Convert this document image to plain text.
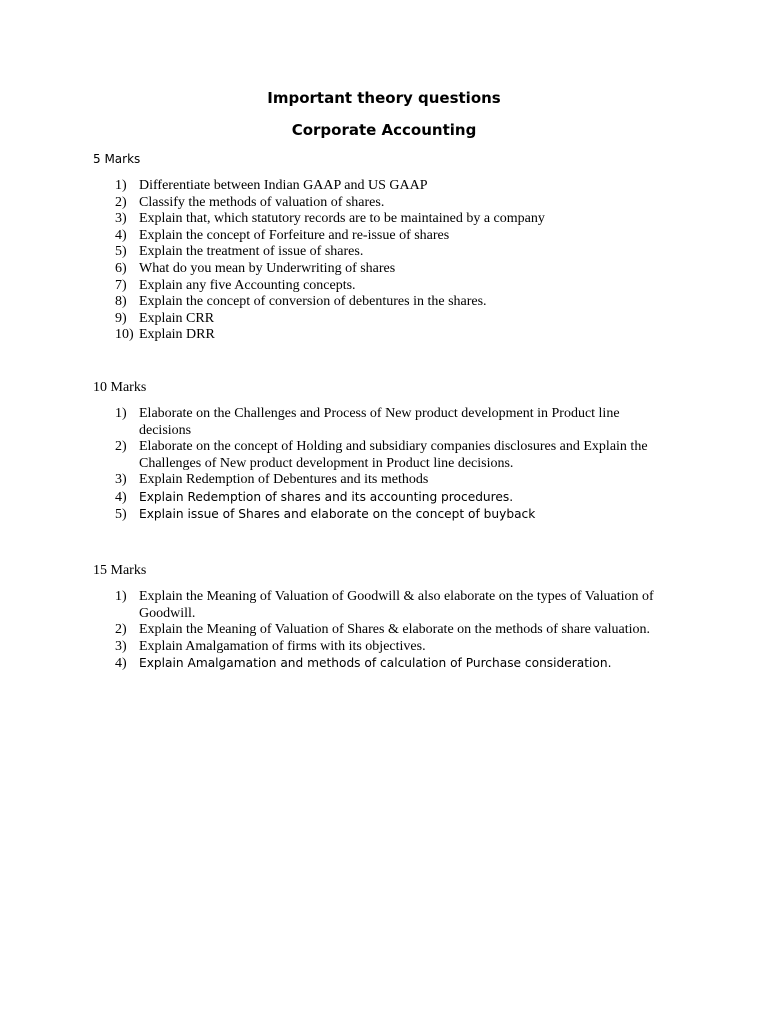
Important theory questions
Corporate Accounting

5 Marks

1) Differentiate between Indian GAAP and US GAAP
2) Classify the methods of valuation of shares.
3) Explain that, which statutory records are to be maintained by a company
4) Explain the concept of Forfeiture and re-issue of shares
5) Explain the treatment of issue of shares.
6) What do you mean by Underwriting of shares
7) Explain any five Accounting concepts.
8) Explain the concept of conversion of debentures in the shares.
9) Explain CRR
10) Explain DRR

10 Marks

1) Elaborate on the Challenges and Process of New product development in Product line decisions
2) Elaborate on the concept of Holding and subsidiary companies disclosures and Explain the Challenges of New product development in Product line decisions.
3) Explain Redemption of Debentures and its methods
4) Explain Redemption of shares and its accounting procedures.
5) Explain issue of Shares and elaborate on the concept of buyback

15 Marks

1) Explain the Meaning of Valuation of Goodwill & also elaborate on the types of Valuation of Goodwill.
2) Explain the Meaning of Valuation of Shares & elaborate on the methods of share valuation.
3) Explain Amalgamation of firms with its objectives.
4) Explain Amalgamation and methods of calculation of Purchase consideration.
